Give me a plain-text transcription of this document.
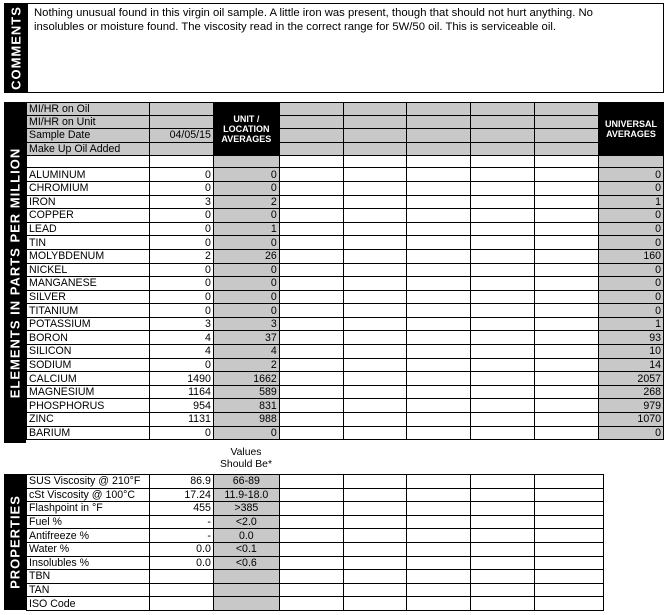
COMMENTS Nothing unusual found in this virgin oil sample. A little iron was present, though that should not hurt anything. No insolubles or moisture found. The viscosity read in the correct range for 5W/50 oil. This is serviceable oil.
ELEMENTS IN PARTS PER MILLION
MI/HR on Oil		UNIT / LOCATION AVERAGES						UNIVERSAL AVERAGES
MI/HR on Unit								
Sample Date	04/05/15							
Make Up Oil Added								

ALUMINUM	0	0						0
CHROMIUM	0	0						0
IRON	3	2						1
COPPER	0	0						0
LEAD	0	1						0
TIN	0	0						0
MOLYBDENUM	2	26						160
NICKEL	0	0						0
MANGANESE	0	0						0
SILVER	0	0						0
TITANIUM	0	0						0
POTASSIUM	3	3						1
BORON	4	37						93
SILICON	4	4						10
SODIUM	0	2						14
CALCIUM	1490	1662						2057
MAGNESIUM	1164	589						268
PHOSPHORUS	954	831						979
ZINC	1131	988						1070
BARIUM	0	0						0
Values Should Be*
PROPERTIES
SUS Viscosity @ 210°F	86.9	66-89					
cSt Viscosity @ 100°C	17.24	11.9-18.0					
Flashpoint in °F	455	>385					
Fuel %	-	<2.0					
Antifreeze %	-	0.0					
Water %	0.0	<0.1					
Insolubles %	0.0	<0.6					
TBN							
TAN							
ISO Code							
